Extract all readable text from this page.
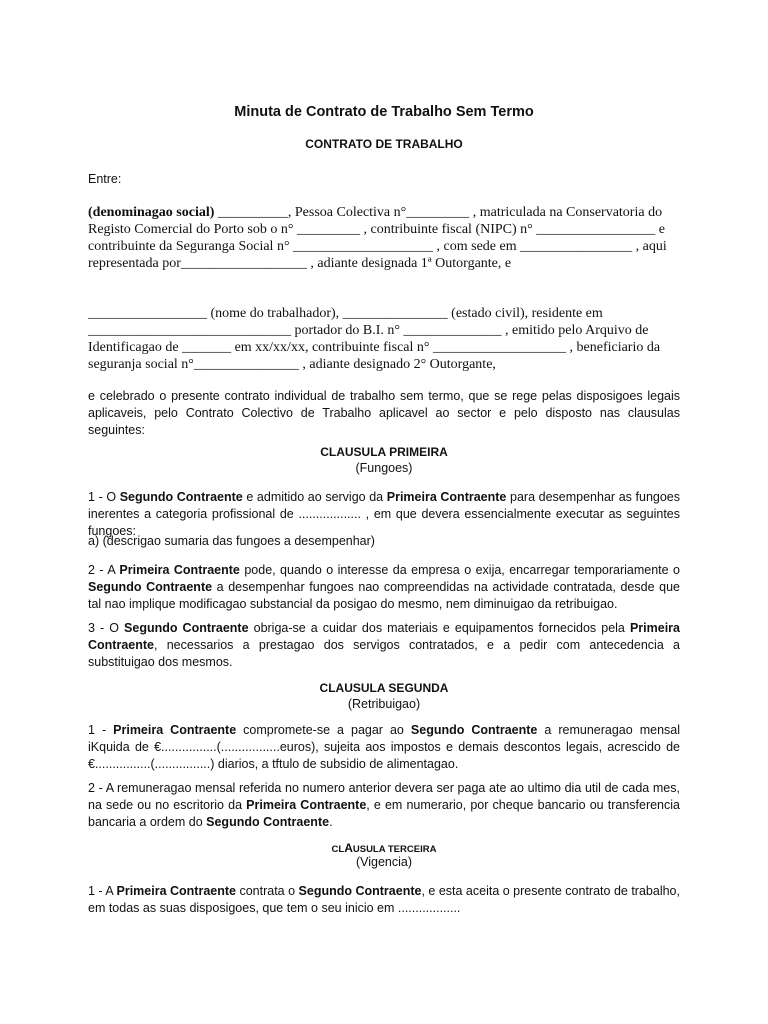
Minuta de Contrato de Trabalho Sem Termo
CONTRATO DE TRABALHO
Entre:
(denominagao social) __________, Pessoa Colectiva n°_________ , matriculada na Conservatoria do
Registo Comercial do Porto sob o n° _________ , contribuinte fiscal (NIPC) n° _________________ e
contribuinte da Seguranga Social n° ____________________ , com sede em ________________ , aqui
representada por__________________ , adiante designada 1ª Outorgante, e
_________________ (nome do trabalhador), _______________ (estado civil), residente em
_____________________________ portador do B.I. n° ______________ , emitido pelo Arquivo de
Identificagao de _______ em xx/xx/xx, contribuinte fiscal n° ___________________ , beneficiario da
seguranja social n°_______________ , adiante designado 2° Outorgante,
e celebrado o presente contrato individual de trabalho sem termo, que se rege pelas disposigoes legais aplicaveis, pelo Contrato Colectivo de Trabalho aplicavel ao sector e pelo disposto nas clausulas seguintes:
CLAUSULA PRIMEIRA
(Fungoes)
1 - O Segundo Contraente e admitido ao servigo da Primeira Contraente para desempenhar as fungoes inerentes a categoria profissional de .................. , em que devera essencialmente executar as seguintes fungoes:
a) (descrigao sumaria das fungoes a desempenhar)
2 - A Primeira Contraente pode, quando o interesse da empresa o exija, encarregar temporariamente o Segundo Contraente a desempenhar fungoes nao compreendidas na actividade contratada, desde que tal nao implique modificagao substancial da posigao do mesmo, nem diminuigao da retribuigao.
3 - O Segundo Contraente obriga-se a cuidar dos materiais e equipamentos fornecidos pela Primeira Contraente, necessarios a prestagao dos servigos contratados, e a pedir com antecedencia a substituigao dos mesmos.
CLAUSULA SEGUNDA
(Retribuigao)
1 - Primeira Contraente compromete-se a pagar ao Segundo Contraente a remuneragao mensal
iKquida de €................(.................euros), sujeita aos impostos e demais descontos legais, acrescido de
€................(................) diarios, a tftulo de subsidio de alimentagao.
2 - A remuneragao mensal referida no numero anterior devera ser paga ate ao ultimo dia util de cada mes, na sede ou no escritorio da Primeira Contraente, e em numerario, por cheque bancario ou transferencia bancaria a ordem do Segundo Contraente.
CLAUSULA TERCEIRA
(Vigencia)
1 - A Primeira Contraente contrata o Segundo Contraente, e esta aceita o presente contrato de trabalho, em todas as suas disposigoes, que tem o seu inicio em ..................
